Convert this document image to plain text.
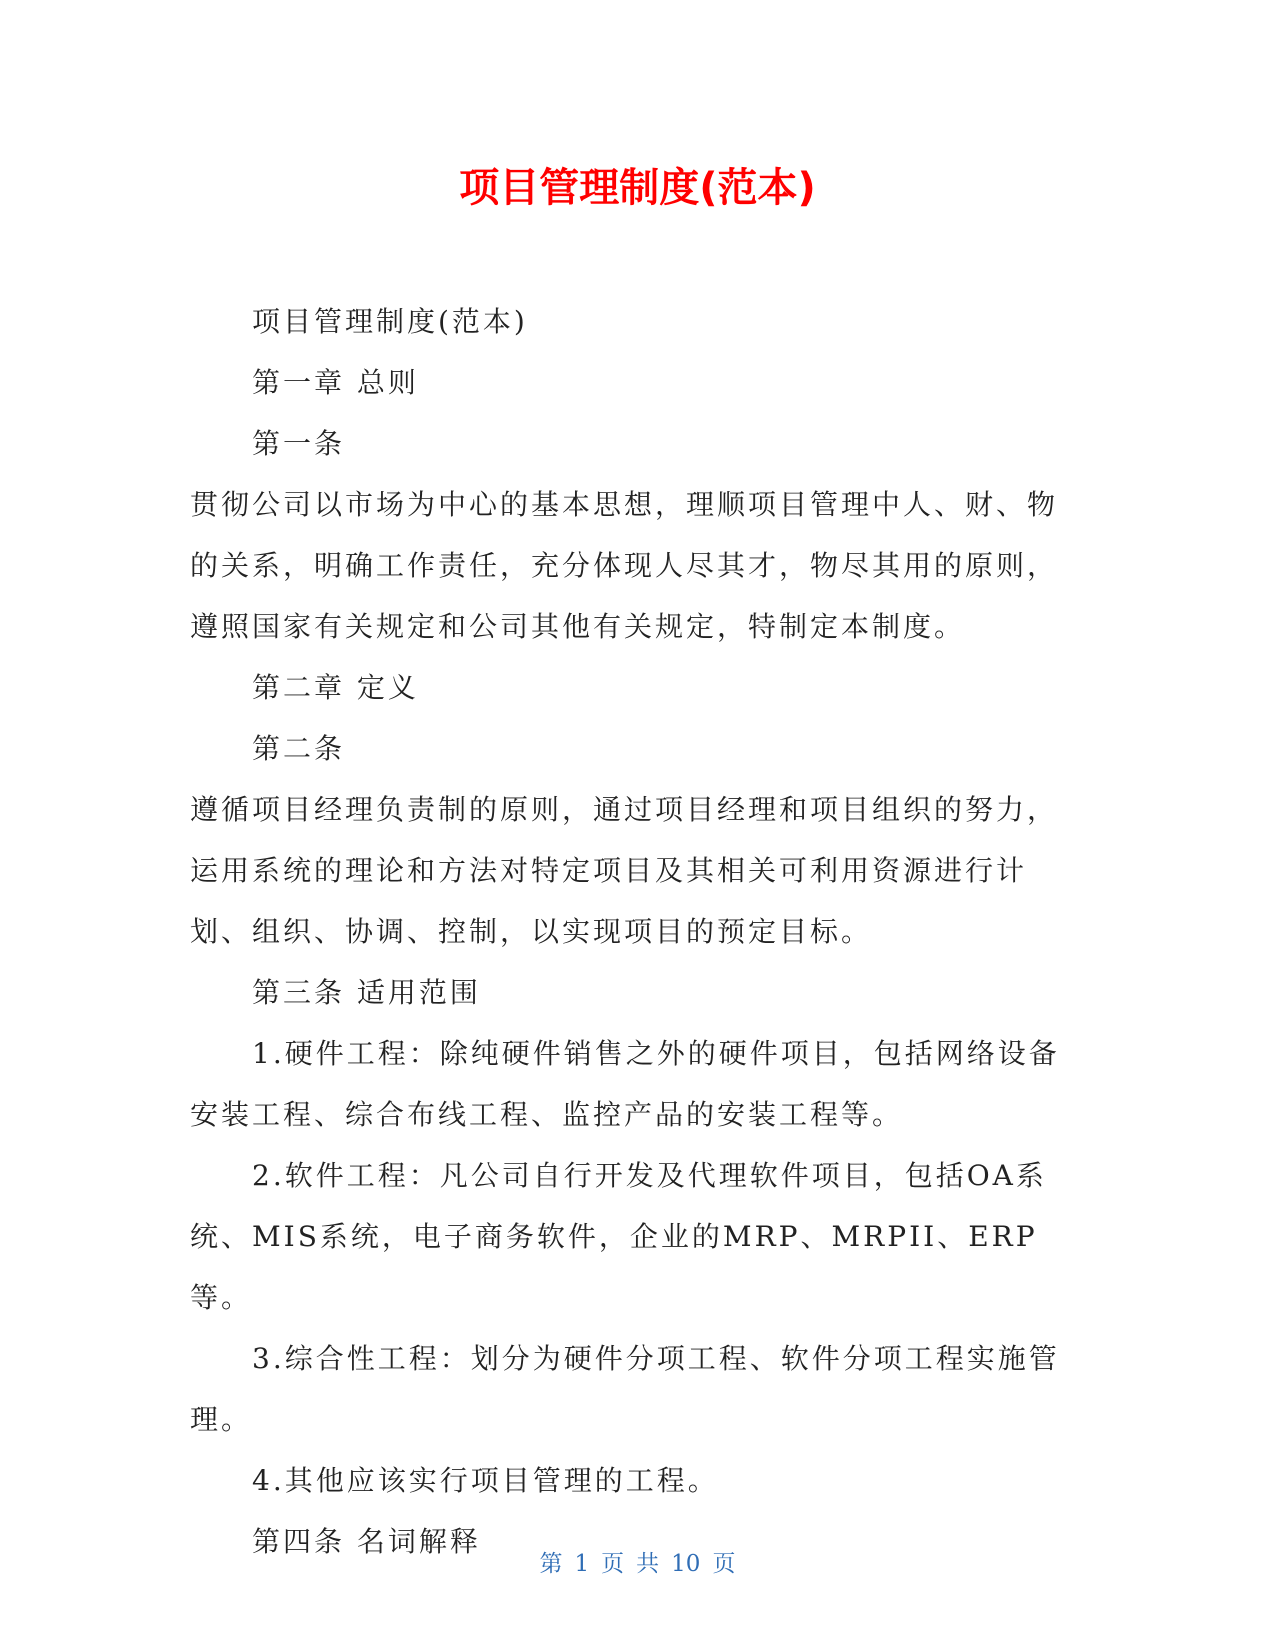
项目管理制度(范本)

项目管理制度(范本)

第一章 总则

第一条

贯彻公司以市场为中心的基本思想，理顺项目管理中人、财、物的关系，明确工作责任，充分体现人尽其才，物尽其用的原则，遵照国家有关规定和公司其他有关规定，特制定本制度。

第二章 定义

第二条

遵循项目经理负责制的原则，通过项目经理和项目组织的努力，运用系统的理论和方法对特定项目及其相关可利用资源进行计划、组织、协调、控制，以实现项目的预定目标。

第三条 适用范围

1.硬件工程：除纯硬件销售之外的硬件项目，包括网络设备安装工程、综合布线工程、监控产品的安装工程等。

2.软件工程：凡公司自行开发及代理软件项目，包括OA系统、MIS系统，电子商务软件，企业的MRP、MRPII、ERP等。

3.综合性工程：划分为硬件分项工程、软件分项工程实施管理。

4.其他应该实行项目管理的工程。

第四条 名词解释

第 1 页 共 10 页
